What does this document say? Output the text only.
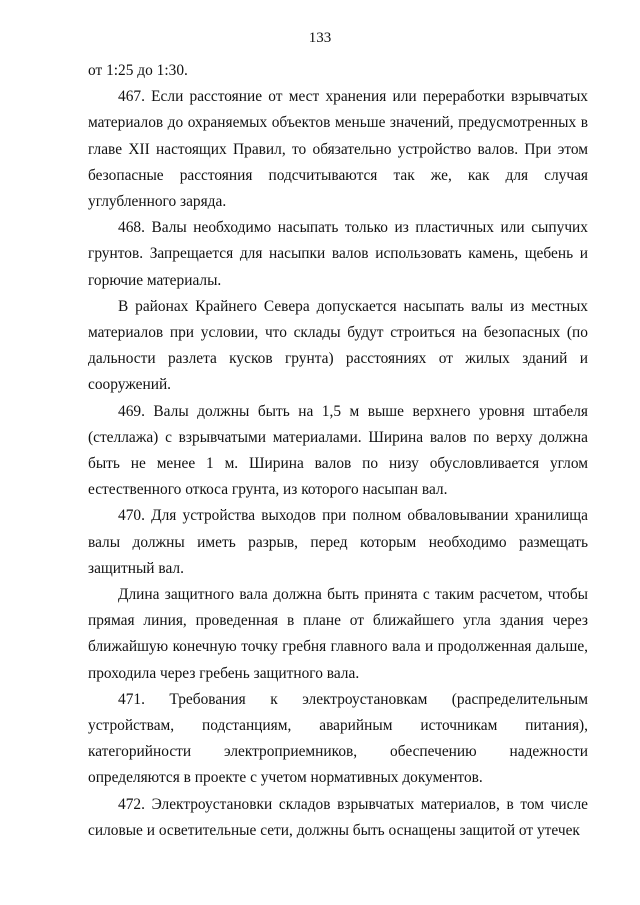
133

от 1:25 до 1:30.

467. Если расстояние от мест хранения или переработки взрывчатых материалов до охраняемых объектов меньше значений, предусмотренных в главе XII настоящих Правил, то обязательно устройство валов. При этом безопасные расстояния подсчитываются так же, как для случая углубленного заряда.

468. Валы необходимо насыпать только из пластичных или сыпучих грунтов. Запрещается для насыпки валов использовать камень, щебень и горючие материалы.

В районах Крайнего Севера допускается насыпать валы из местных материалов при условии, что склады будут строиться на безопасных (по дальности разлета кусков грунта) расстояниях от жилых зданий и сооружений.

469. Валы должны быть на 1,5 м выше верхнего уровня штабеля (стеллажа) с взрывчатыми материалами. Ширина валов по верху должна быть не менее 1 м. Ширина валов по низу обусловливается углом естественного откоса грунта, из которого насыпан вал.

470. Для устройства выходов при полном обваловывании хранилища валы должны иметь разрыв, перед которым необходимо размещать защитный вал.

Длина защитного вала должна быть принята с таким расчетом, чтобы прямая линия, проведенная в плане от ближайшего угла здания через ближайшую конечную точку гребня главного вала и продолженная дальше, проходила через гребень защитного вала.

471. Требования к электроустановкам (распределительным устройствам, подстанциям, аварийным источникам питания), категорийности электроприемников, обеспечению надежности определяются в проекте с учетом нормативных документов.

472. Электроустановки складов взрывчатых материалов, в том числе силовые и осветительные сети, должны быть оснащены защитой от утечек
